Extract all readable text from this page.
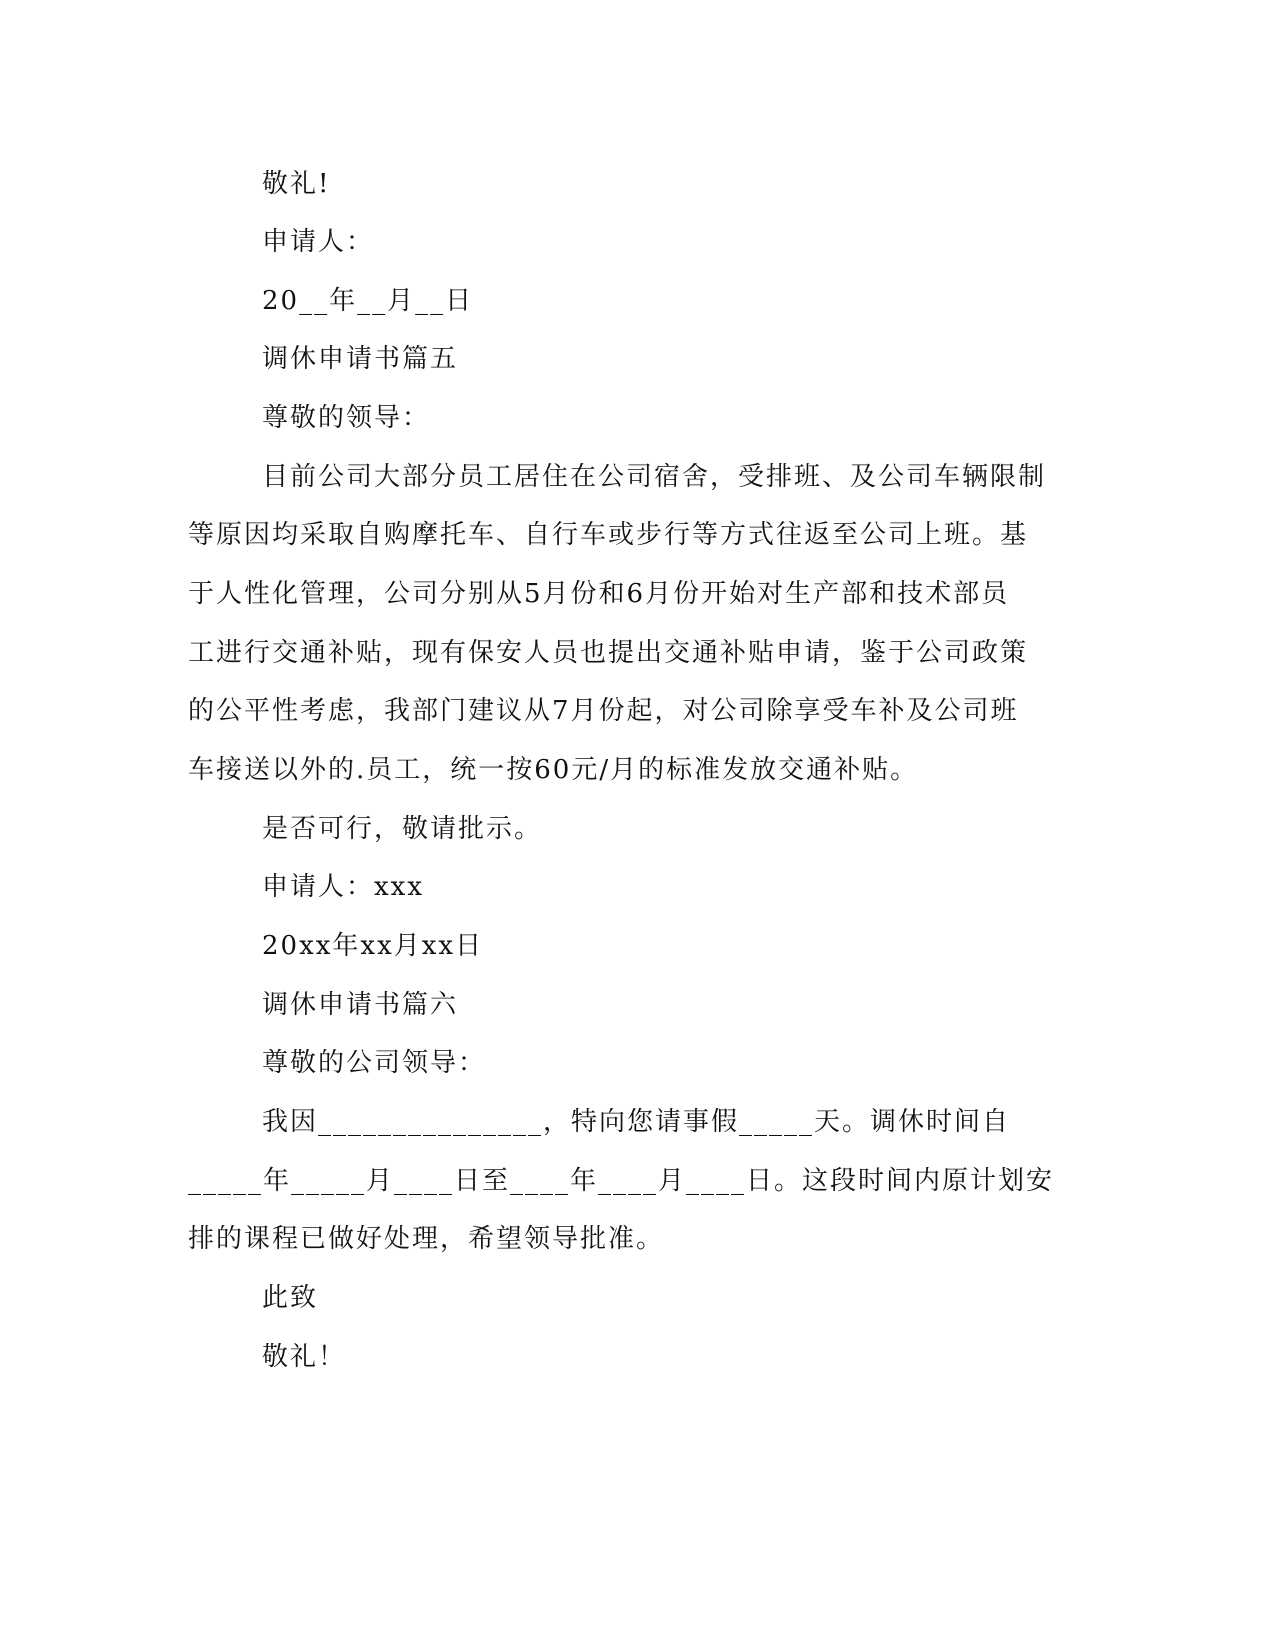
敬礼!
申请人：
20__年__月__日
调休申请书篇五
尊敬的领导：
目前公司大部分员工居住在公司宿舍，受排班、及公司车辆限制
等原因均采取自购摩托车、自行车或步行等方式往返至公司上班。基
于人性化管理，公司分别从5月份和6月份开始对生产部和技术部员
工进行交通补贴，现有保安人员也提出交通补贴申请，鉴于公司政策
的公平性考虑，我部门建议从7月份起，对公司除享受车补及公司班
车接送以外的.员工，统一按60元/月的标准发放交通补贴。
是否可行，敬请批示。
申请人：xxx
20xx年xx月xx日
调休申请书篇六
尊敬的公司领导：
我因_______________，特向您请事假_____天。调休时间自
_____年_____月____日至____年____月____日。这段时间内原计划安
排的课程已做好处理，希望领导批准。
此致
敬礼！
